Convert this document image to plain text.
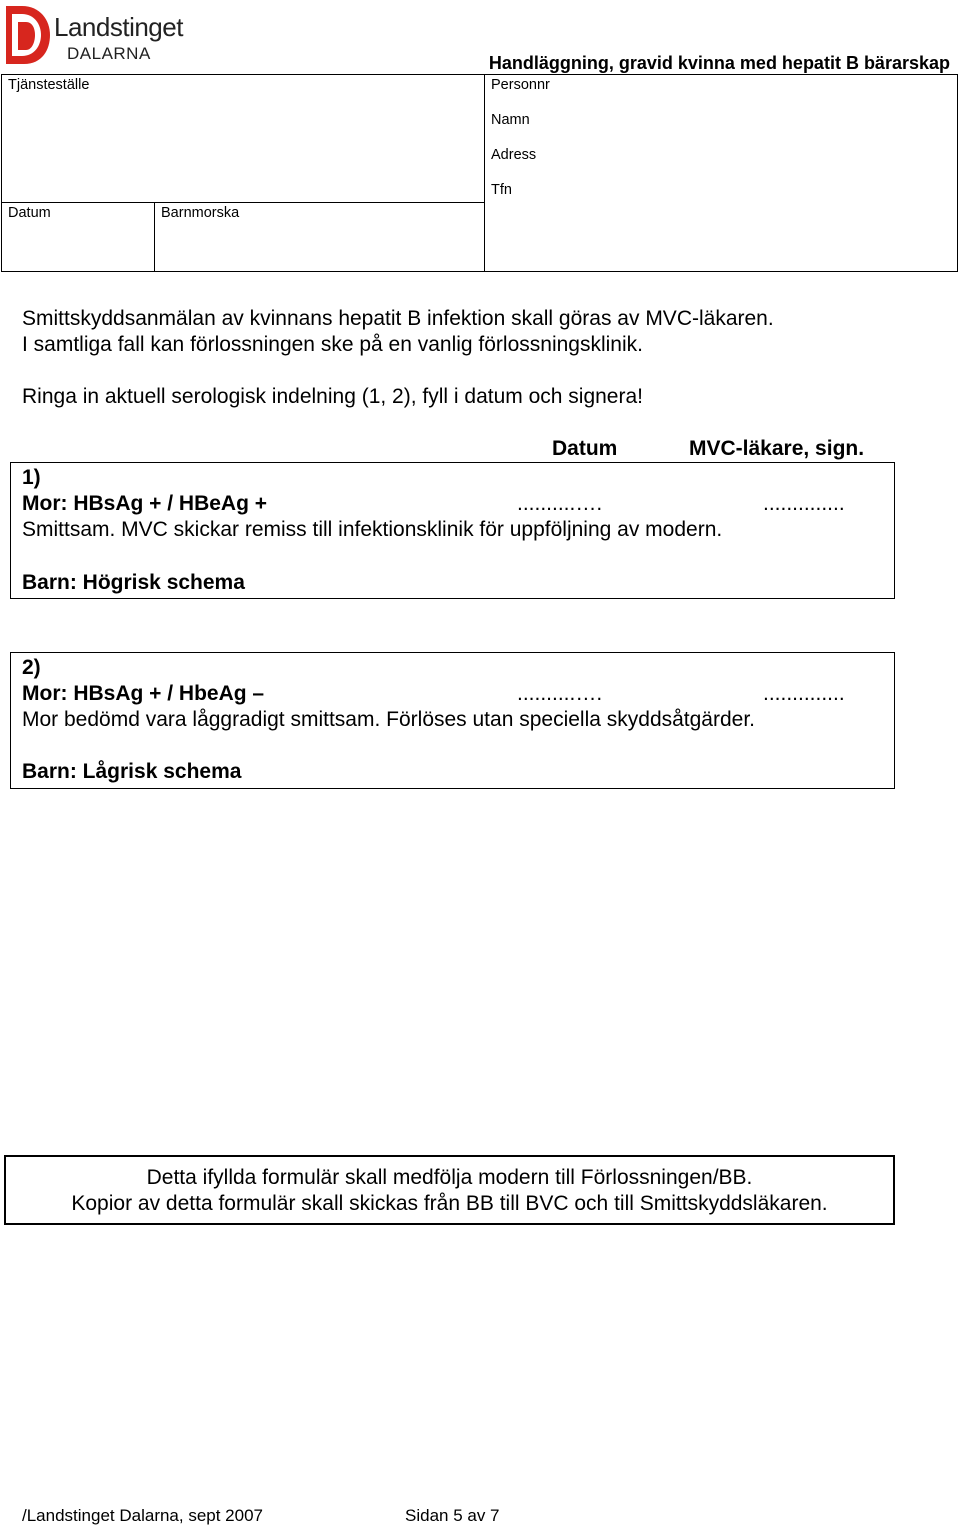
Landstinget
DALARNA	Handläggning, gravid kvinna med hepatit B bärarskap
Tjänsteställe	Personnr
Namn
Adress
Tfn
Datum	Barnmorska
Smittskyddsanmälan av kvinnans hepatit B infektion skall göras av MVC-läkaren.
I samtliga fall kan förlossningen ske på en vanlig förlossningsklinik.
Ringa in aktuell serologisk indelning (1, 2), fyll i datum och signera!
Datum	MVC-läkare, sign.
1)
Mor: HBsAg + / HBeAg +	..........….	..............
Smittsam. MVC skickar remiss till infektionsklinik för uppföljning av modern.
Barn: Högrisk schema
2)
Mor: HBsAg + / HbeAg –	..........….	..............
Mor bedömd vara låggradigt smittsam. Förlöses utan speciella skyddsåtgärder.
Barn: Lågrisk schema
Detta ifyllda formulär skall medfölja modern till Förlossningen/BB.
Kopior av detta formulär skall skickas från BB till BVC och till Smittskyddsläkaren.
/Landstinget Dalarna, sept 2007	Sidan 5 av 7
